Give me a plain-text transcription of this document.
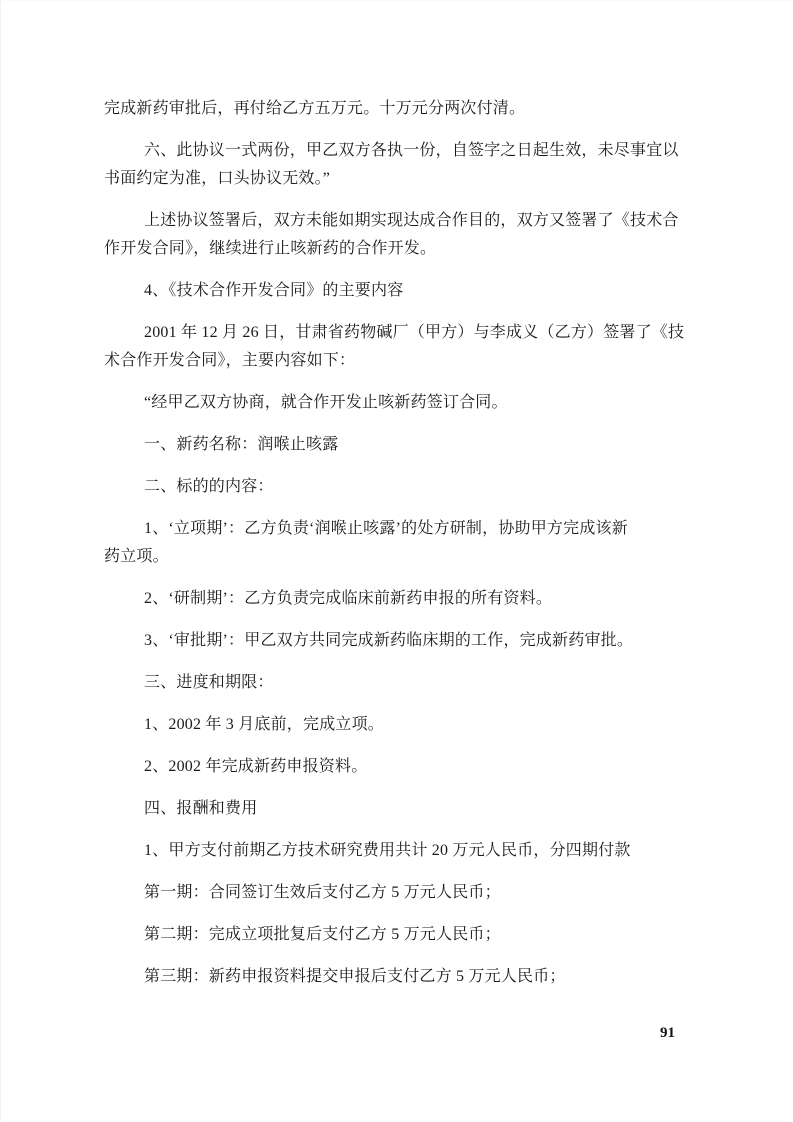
完成新药审批后，再付给乙方五万元。十万元分两次付清。
六、此协议一式两份，甲乙双方各执一份，自签字之日起生效，未尽事宜以
书面约定为准，口头协议无效。”
上述协议签署后，双方未能如期实现达成合作目的，双方又签署了《技术合
作开发合同》，继续进行止咳新药的合作开发。
4、《技术合作开发合同》的主要内容
2001 年 12 月 26 日，甘肃省药物碱厂（甲方）与李成义（乙方）签署了《技
术合作开发合同》，主要内容如下：
“经甲乙双方协商，就合作开发止咳新药签订合同。
一、新药名称：润喉止咳露
二、标的的内容：
1、‘立项期’：乙方负责‘润喉止咳露’的处方研制，协助甲方完成该新
药立项。
2、‘研制期’：乙方负责完成临床前新药申报的所有资料。
3、‘审批期’：甲乙双方共同完成新药临床期的工作，完成新药审批。
三、进度和期限：
1、2002 年 3 月底前，完成立项。
2、2002 年完成新药申报资料。
四、报酬和费用
1、甲方支付前期乙方技术研究费用共计 20 万元人民币，分四期付款
第一期：合同签订生效后支付乙方 5 万元人民币；
第二期：完成立项批复后支付乙方 5 万元人民币；
第三期：新药申报资料提交申报后支付乙方 5 万元人民币；
91
